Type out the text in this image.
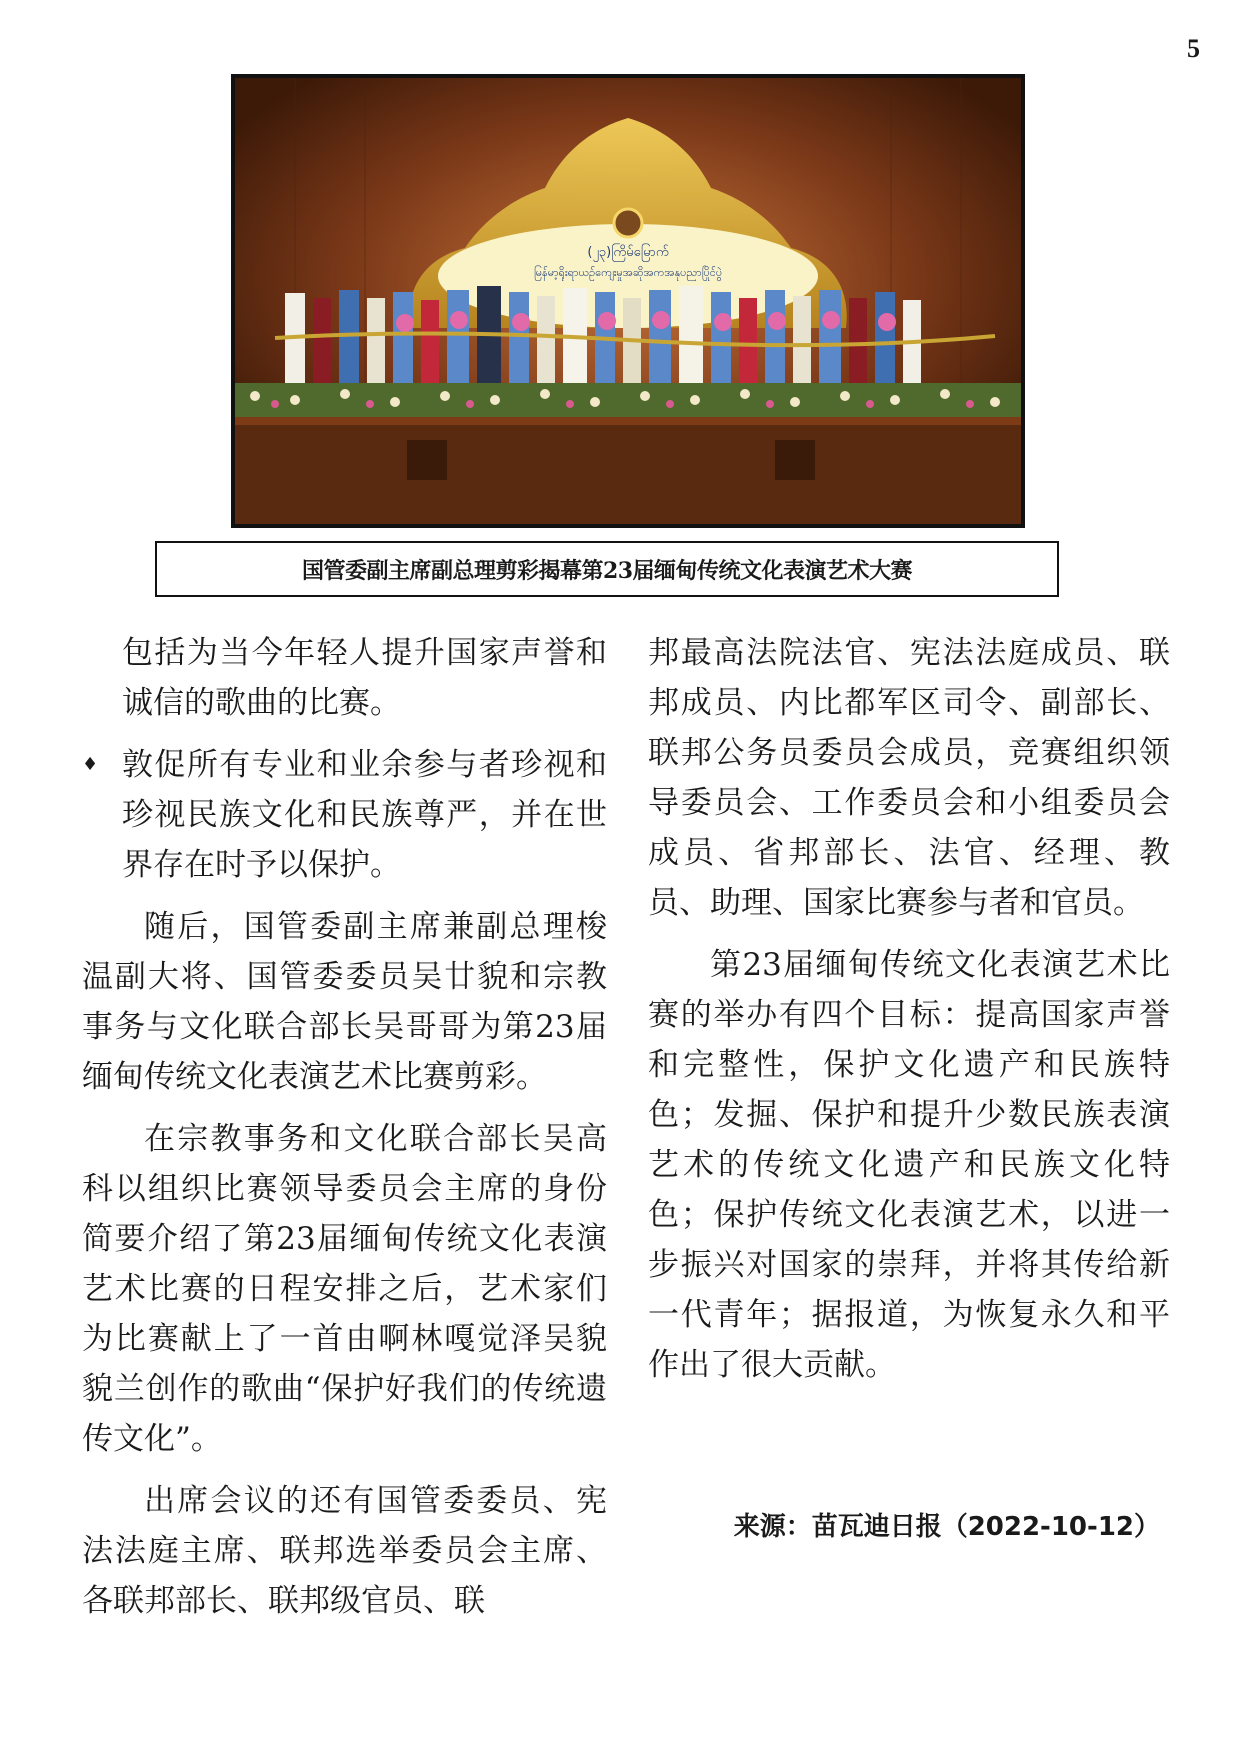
5
(၂၃)ကြိမ်မြောက်
မြန်မာ့ရိုးရာယဉ်ကျေးမှုအဆိုအကအနုပညာပြိုင်ပွဲ
国管委副主席副总理剪彩揭幕第23届缅甸传统文化表演艺术大赛

包括为当今年轻人提升国家声誉和诚信的歌曲的比赛。

♦ 敦促所有专业和业余参与者珍视和珍视民族文化和民族尊严，并在世界存在时予以保护。

随后，国管委副主席兼副总理梭温副大将、国管委委员吴廿貌和宗教事务与文化联合部长吴哥哥为第23届缅甸传统文化表演艺术比赛剪彩。

在宗教事务和文化联合部长吴高科以组织比赛领导委员会主席的身份简要介绍了第23届缅甸传统文化表演艺术比赛的日程安排之后，艺术家们为比赛献上了一首由啊林嘎觉泽吴貌貌兰创作的歌曲“保护好我们的传统遗传文化”。

出席会议的还有国管委委员、宪法法庭主席、联邦选举委员会主席、各联邦部长、联邦级官员、联

邦最高法院法官、宪法法庭成员、联邦成员、内比都军区司令、副部长、联邦公务员委员会成员，竞赛组织领导委员会、工作委员会和小组委员会成员、省邦部长、法官、经理、教员、助理、国家比赛参与者和官员。

第23届缅甸传统文化表演艺术比赛的举办有四个目标：提高国家声誉和完整性，保护文化遗产和民族特色；发掘、保护和提升少数民族表演艺术的传统文化遗产和民族文化特色；保护传统文化表演艺术，以进一步振兴对国家的崇拜，并将其传给新一代青年；据报道，为恢复永久和平作出了很大贡献。

来源：苗瓦迪日报（2022-10-12）
